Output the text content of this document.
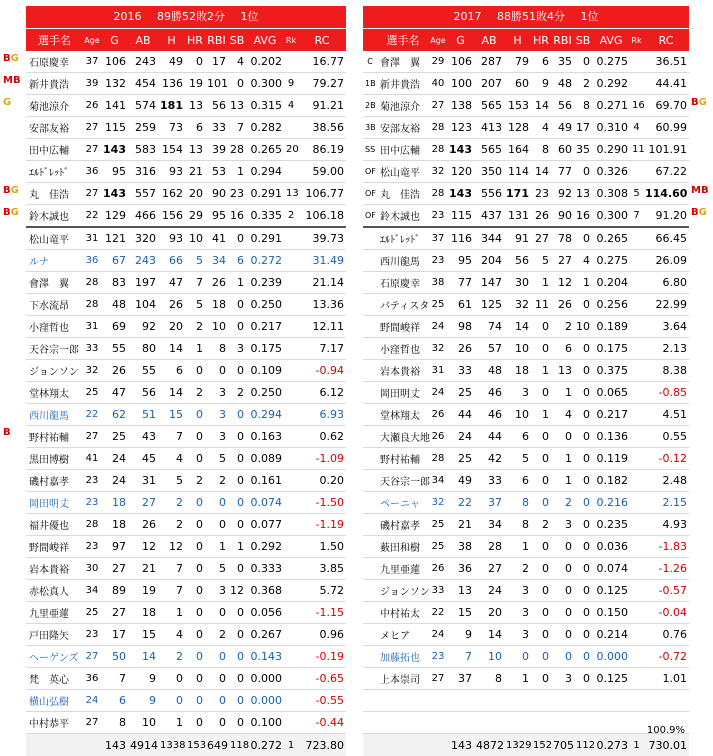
2016 89勝52敗2分 1位
選手名	Age	G	AB	H	HR	RBI	SB	AVG	Rk	RC
石原慶幸	37	106	243	49	0	17	4	0.202		16.77
新井貴浩	39	132	454	136	19	101	0	0.300	9	79.27
菊池涼介	26	141	574	181	13	56	13	0.315	4	91.21
安部友裕	27	115	259	73	6	33	7	0.282		38.56
田中広輔	27	143	583	154	13	39	28	0.265	20	86.19
ｴﾙﾄﾞﾚｯﾄﾞ	36	95	316	93	21	53	1	0.294		59.00
丸　佳浩	27	143	557	162	20	90	23	0.291	13	106.77
鈴木誠也	22	129	466	156	29	95	16	0.335	2	106.18
松山竜平	31	121	320	93	10	41	0	0.291		39.73
ルナ	36	67	243	66	5	34	6	0.272		31.49
會澤　翼	28	83	197	47	7	26	1	0.239		21.14
下水流昂	28	48	104	26	5	18	0	0.250		13.36
小窪哲也	31	69	92	20	2	10	0	0.217		12.11
天谷宗一郎	33	55	80	14	1	8	3	0.175		7.17
ジョンソン	32	26	55	6	0	0	0	0.109		-0.94
堂林翔太	25	47	56	14	2	3	2	0.250		6.12
西川龍馬	22	62	51	15	0	3	0	0.294		6.93
野村祐輔	27	25	43	7	0	3	0	0.163		0.62
黒田博樹	41	24	45	4	0	5	0	0.089		-1.09
磯村嘉孝	23	24	31	5	2	2	0	0.161		0.20
岡田明丈	23	18	27	2	0	0	0	0.074		-1.50
福井優也	28	18	26	2	0	0	0	0.077		-1.19
野間峻祥	23	97	12	12	0	1	1	0.292		1.50
岩本貴裕	30	27	21	7	0	5	0	0.333		3.85
赤松真人	34	89	19	7	0	3	12	0.368		5.72
九里亜蓮	25	27	18	1	0	0	0	0.056		-1.15
戸田隆矢	23	17	15	4	0	2	0	0.267		0.96
ヘーゲンズ	27	50	14	2	0	0	0	0.143		-0.19
梵　英心	36	7	9	0	0	0	0	0.000		-0.65
横山弘樹	24	6	9	0	0	0	0	0.000		-0.55
中村恭平	27	8	10	1	0	0	0	0.100		-0.44
		143	4914	1338	153	649	118	0.272	1	723.80
2017 88勝51敗4分 1位
	選手名	Age	G	AB	H	HR	RBI	SB	AVG	Rk	RC
C	會澤　翼	29	106	287	79	6	35	0	0.275		36.51
1B	新井貴浩	40	100	207	60	9	48	2	0.292		44.41
2B	菊池涼介	27	138	565	153	14	56	8	0.271	16	69.70
3B	安部友裕	28	123	413	128	4	49	17	0.310	4	60.99
SS	田中広輔	28	143	565	164	8	60	35	0.290	11	101.91
OF	松山竜平	32	120	350	114	14	77	0	0.326		67.22
OF	丸　佳浩	28	143	556	171	23	92	13	0.308	5	114.60
OF	鈴木誠也	23	115	437	131	26	90	16	0.300	7	91.20
	ｴﾙﾄﾞﾚｯﾄﾞ	37	116	344	91	27	78	0	0.265		66.45
	西川龍馬	23	95	204	56	5	27	4	0.275		26.09
	石原慶幸	38	77	147	30	1	12	1	0.204		6.80
	バティスタ	25	61	125	32	11	26	0	0.256		22.99
	野間峻祥	24	98	74	14	0	2	10	0.189		3.64
	小窪哲也	32	26	57	10	0	6	0	0.175		2.13
	岩本貴裕	31	33	48	18	1	13	0	0.375		8.38
	岡田明丈	24	25	46	3	0	1	0	0.065		-0.85
	堂林翔太	26	44	46	10	1	4	0	0.217		4.51
	大瀬良大地	26	24	44	6	0	0	0	0.136		0.55
	野村祐輔	28	25	42	5	0	1	0	0.119		-0.12
	天谷宗一郎	34	49	33	6	0	1	0	0.182		2.48
	ペーニャ	32	22	37	8	0	2	0	0.216		2.15
	磯村嘉孝	25	21	34	8	2	3	0	0.235		4.93
	薮田和樹	25	38	28	1	0	0	0	0.036		-1.83
	九里亜蓮	26	36	27	2	0	0	0	0.074		-1.26
	ジョンソン	33	13	24	3	0	0	0	0.125		-0.57
	中村祐太	22	15	20	3	0	0	0	0.150		-0.04
	メヒア	24	9	14	3	0	0	0	0.214		0.76
	加藤拓也	23	7	10	0	0	0	0	0.000		-0.72
	上本崇司	27	37	8	1	0	3	0	0.125		1.01

			143	4872	1329	152	705	112	0.273	1	730.01
100.9%
BG
MB
G
BG
BG
B
BG
MB
BG
